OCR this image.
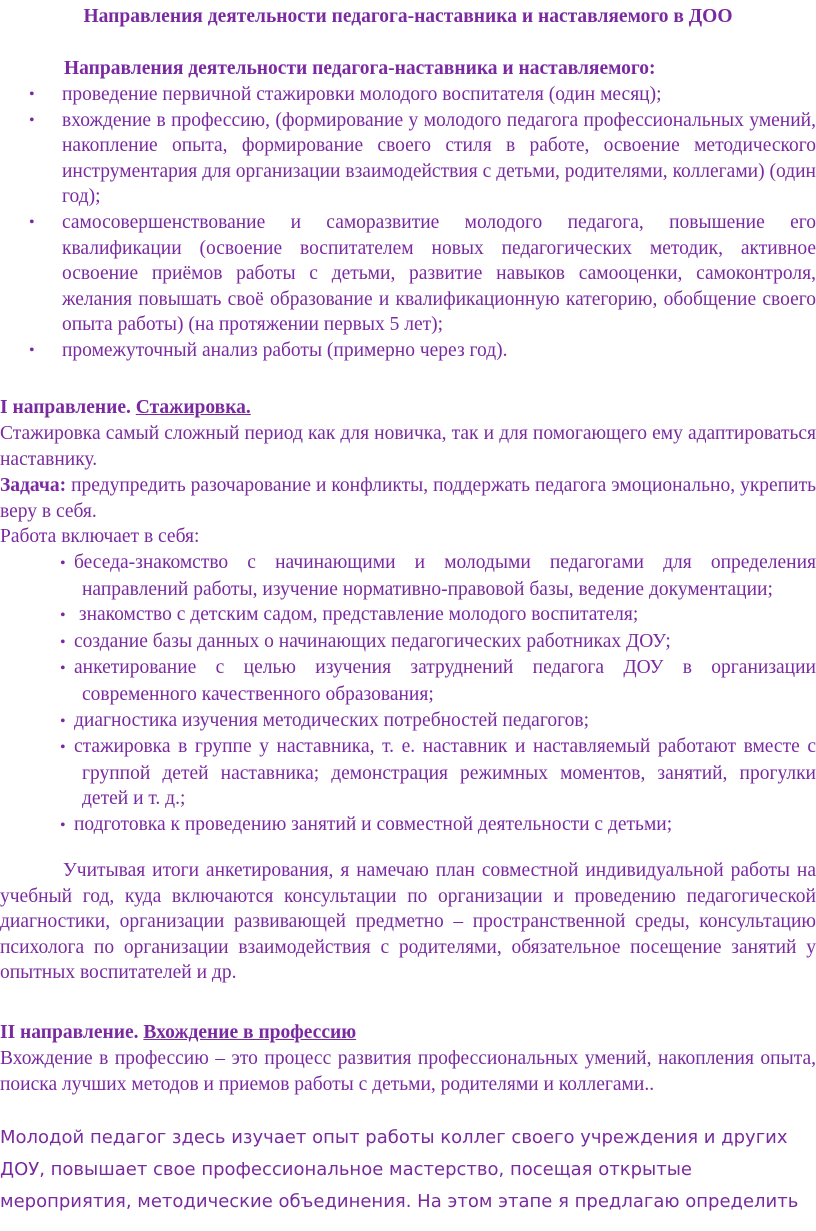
Направления деятельности педагога-наставника и наставляемого в ДОО
Направления деятельности педагога-наставника и наставляемого:
• проведение первичной стажировки молодого воспитателя (один месяц);
• вхождение в профессию, (формирование у молодого педагога профессиональных умений, накопление опыта, формирование своего стиля в работе, освоение методического инструментария для организации взаимодействия с детьми, родителями, коллегами) (один год);
• самосовершенствование и саморазвитие молодого педагога, повышение его квалификации (освоение воспитателем новых педагогических методик, активное освоение приёмов работы с детьми, развитие навыков самооценки, самоконтроля, желания повышать своё образование и квалификационную категорию, обобщение своего опыта работы) (на протяжении первых 5 лет);
• промежуточный анализ работы (примерно через год).
I направление. Стажировка.
Стажировка самый сложный период как для новичка, так и для помогающего ему адаптироваться наставнику.
Задача: предупредить разочарование и конфликты, поддержать педагога эмоционально, укрепить веру в себя.
Работа включает в себя:
• беседа-знакомство с начинающими и молодыми педагогами для определения направлений работы, изучение нормативно-правовой базы, ведение документации;
• знакомство с детским садом, представление молодого воспитателя;
• создание базы данных о начинающих педагогических работниках ДОУ;
• анкетирование с целью изучения затруднений педагога ДОУ в организации современного качественного образования;
• диагностика изучения методических потребностей педагогов;
• стажировка в группе у наставника, т. е. наставник и наставляемый работают вместе с группой детей наставника; демонстрация режимных моментов, занятий, прогулки детей и т. д.;
• подготовка к проведению занятий и совместной деятельности с детьми;
Учитывая итоги анкетирования, я намечаю план совместной индивидуальной работы на учебный год, куда включаются консультации по организации и проведению педагогической диагностики, организации развивающей предметно – пространственной среды, консультацию психолога по организации взаимодействия с родителями, обязательное посещение занятий у опытных воспитателей и др.
II направление. Вхождение в профессию
Вхождение в профессию – это процесс развития профессиональных умений, накопления опыта, поиска лучших методов и приемов работы с детьми, родителями и коллегами..
Молодой педагог здесь изучает опыт работы коллег своего учреждения и других ДОУ, повышает свое профессиональное мастерство, посещая открытые мероприятия, методические объединения. На этом этапе я предлагаю определить
